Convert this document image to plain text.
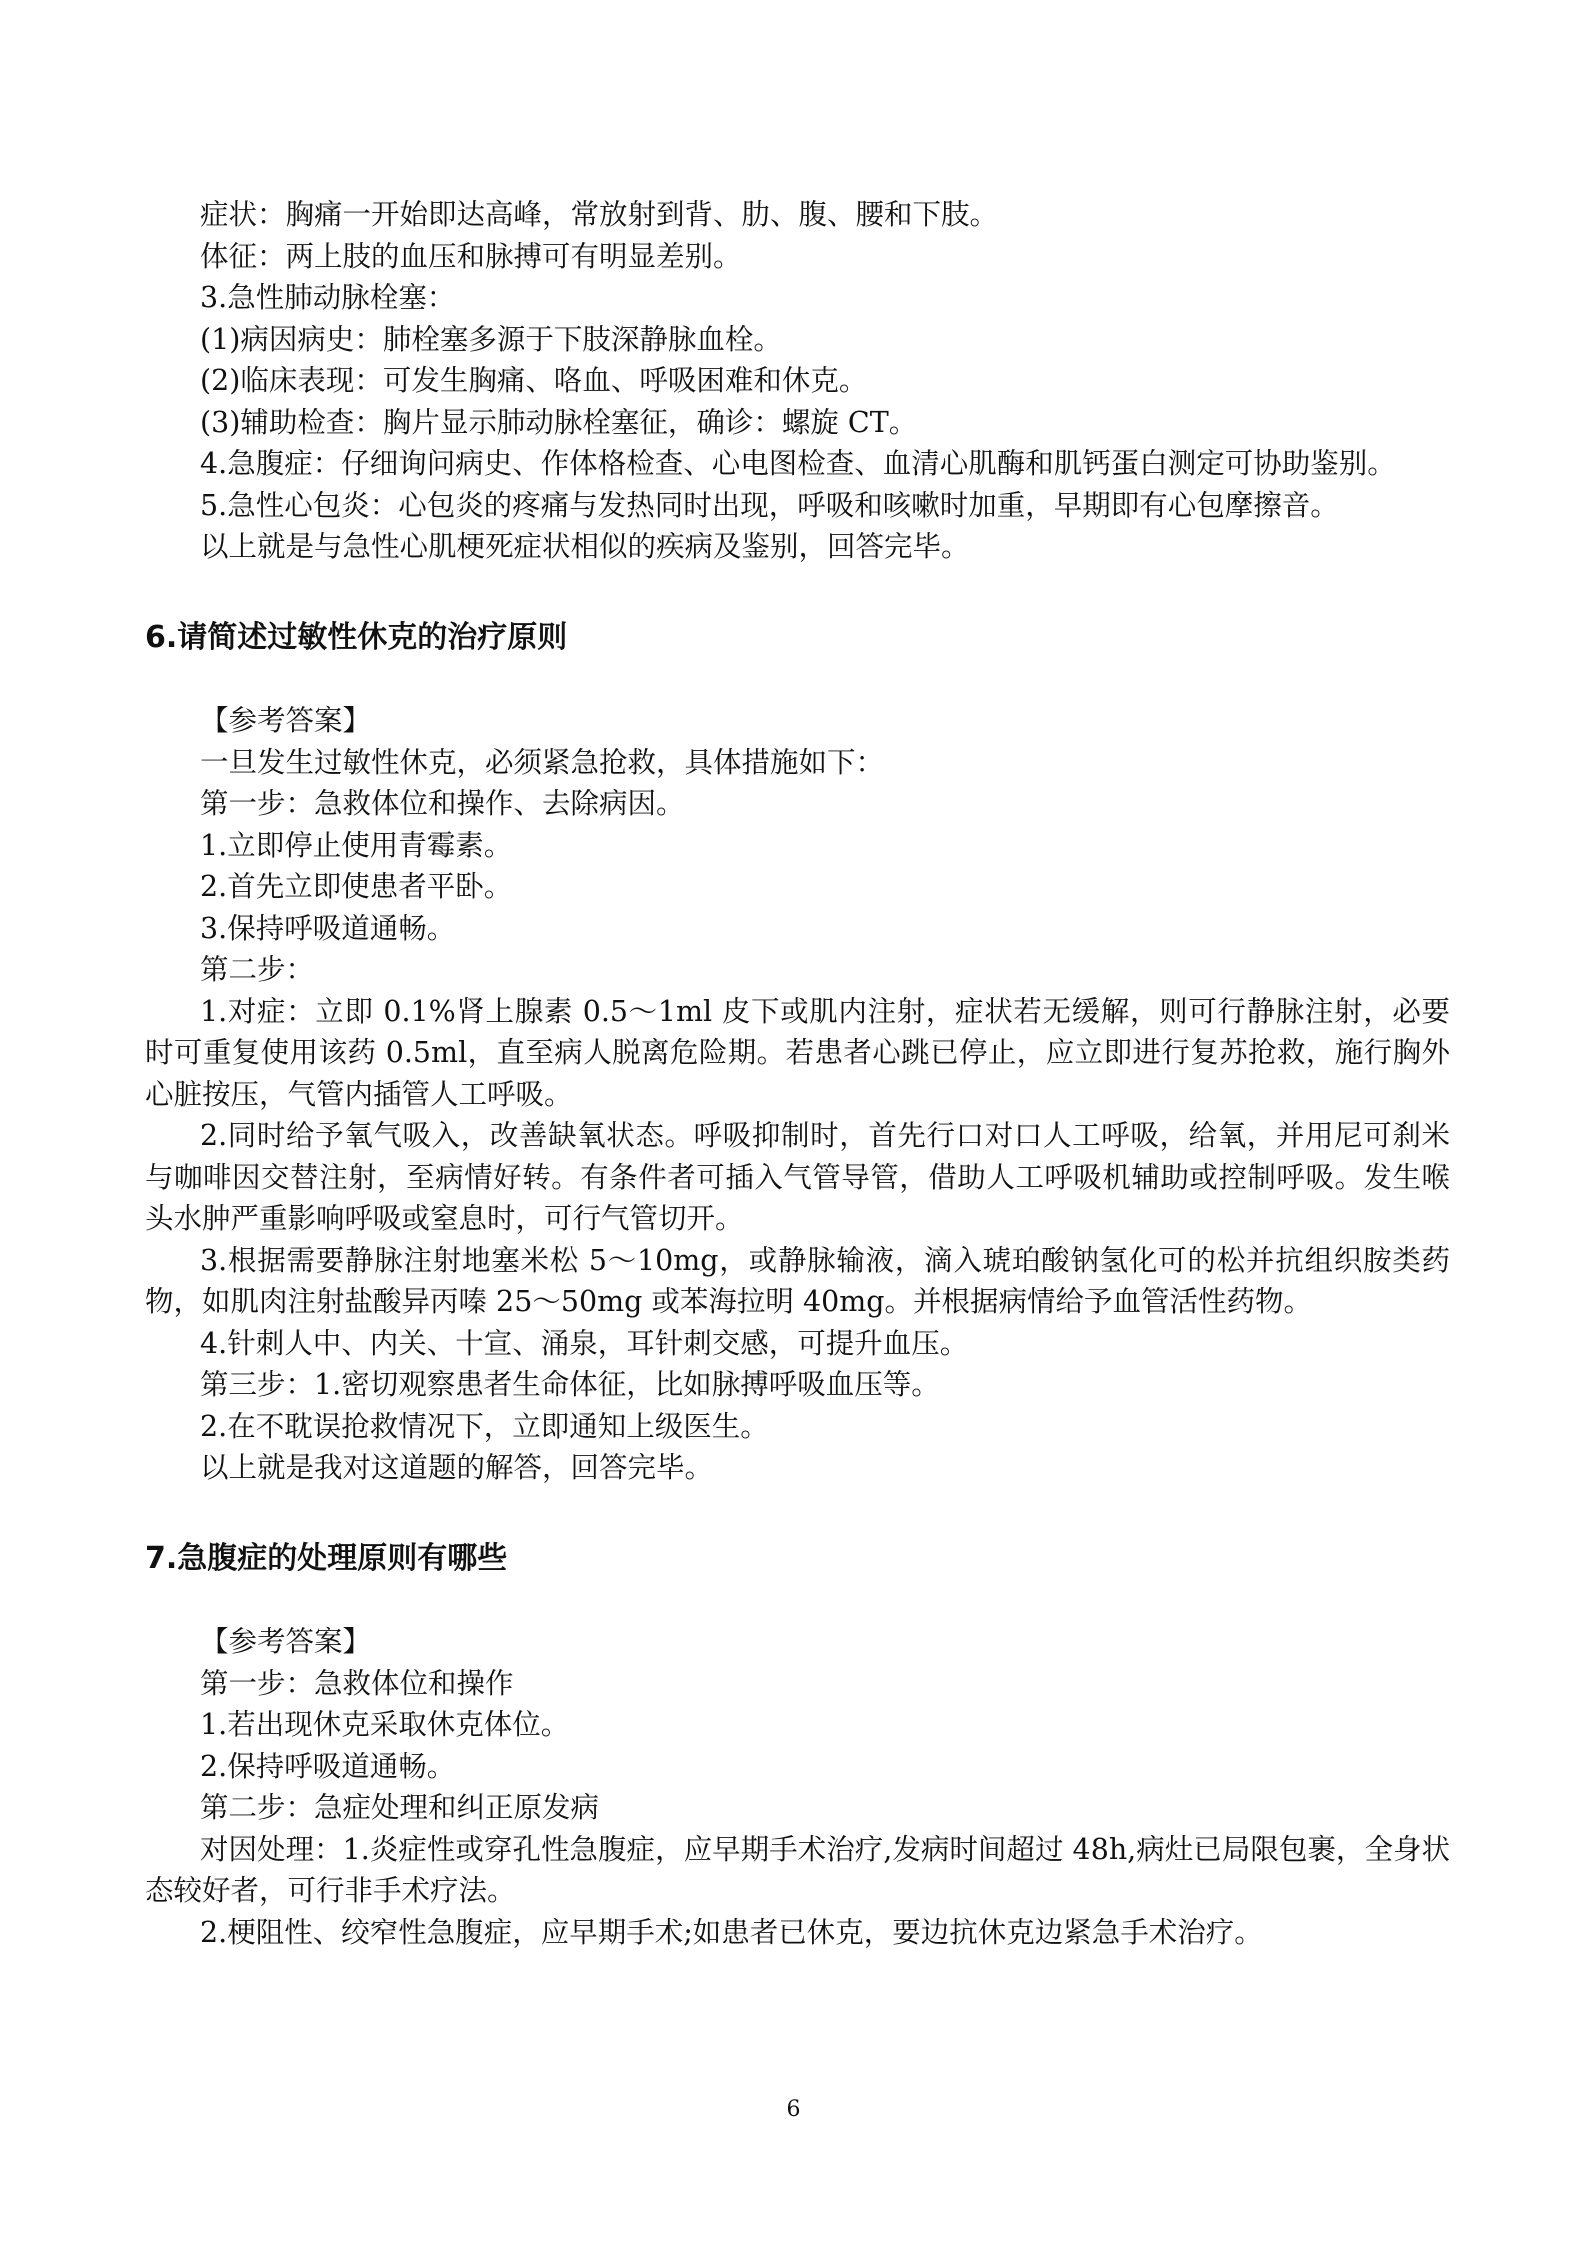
症状：胸痛一开始即达高峰，常放射到背、肋、腹、腰和下肢。

体征：两上肢的血压和脉搏可有明显差别。

3.急性肺动脉栓塞：

(1)病因病史：肺栓塞多源于下肢深静脉血栓。

(2)临床表现：可发生胸痛、咯血、呼吸困难和休克。

(3)辅助检查：胸片显示肺动脉栓塞征，确诊：螺旋 CT。

4.急腹症：仔细询问病史、作体格检查、心电图检查、血清心肌酶和肌钙蛋白测定可协助鉴别。

5.急性心包炎：心包炎的疼痛与发热同时出现，呼吸和咳嗽时加重，早期即有心包摩擦音。

以上就是与急性心肌梗死症状相似的疾病及鉴别，回答完毕。

6.请简述过敏性休克的治疗原则

【参考答案】

一旦发生过敏性休克，必须紧急抢救，具体措施如下：

第一步：急救体位和操作、去除病因。

1.立即停止使用青霉素。

2.首先立即使患者平卧。

3.保持呼吸道通畅。

第二步：

1.对症：立即 0.1%肾上腺素 0.5～1ml 皮下或肌内注射，症状若无缓解，则可行静脉注射，必要时可重复使用该药 0.5ml，直至病人脱离危险期。若患者心跳已停止，应立即进行复苏抢救，施行胸外心脏按压，气管内插管人工呼吸。

2.同时给予氧气吸入，改善缺氧状态。呼吸抑制时，首先行口对口人工呼吸，给氧，并用尼可刹米与咖啡因交替注射，至病情好转。有条件者可插入气管导管，借助人工呼吸机辅助或控制呼吸。发生喉头水肿严重影响呼吸或窒息时，可行气管切开。

3.根据需要静脉注射地塞米松 5～10mg，或静脉输液，滴入琥珀酸钠氢化可的松并抗组织胺类药物，如肌肉注射盐酸异丙嗪 25～50mg 或苯海拉明 40mg。并根据病情给予血管活性药物。

4.针刺人中、内关、十宣、涌泉，耳针刺交感，可提升血压。

第三步：1.密切观察患者生命体征，比如脉搏呼吸血压等。

2.在不耽误抢救情况下，立即通知上级医生。

以上就是我对这道题的解答，回答完毕。

7.急腹症的处理原则有哪些

【参考答案】

第一步：急救体位和操作

1.若出现休克采取休克体位。

2.保持呼吸道通畅。

第二步：急症处理和纠正原发病

对因处理：1.炎症性或穿孔性急腹症，应早期手术治疗,发病时间超过 48h,病灶已局限包裹，全身状态较好者，可行非手术疗法。

2.梗阻性、绞窄性急腹症，应早期手术;如患者已休克，要边抗休克边紧急手术治疗。

6
